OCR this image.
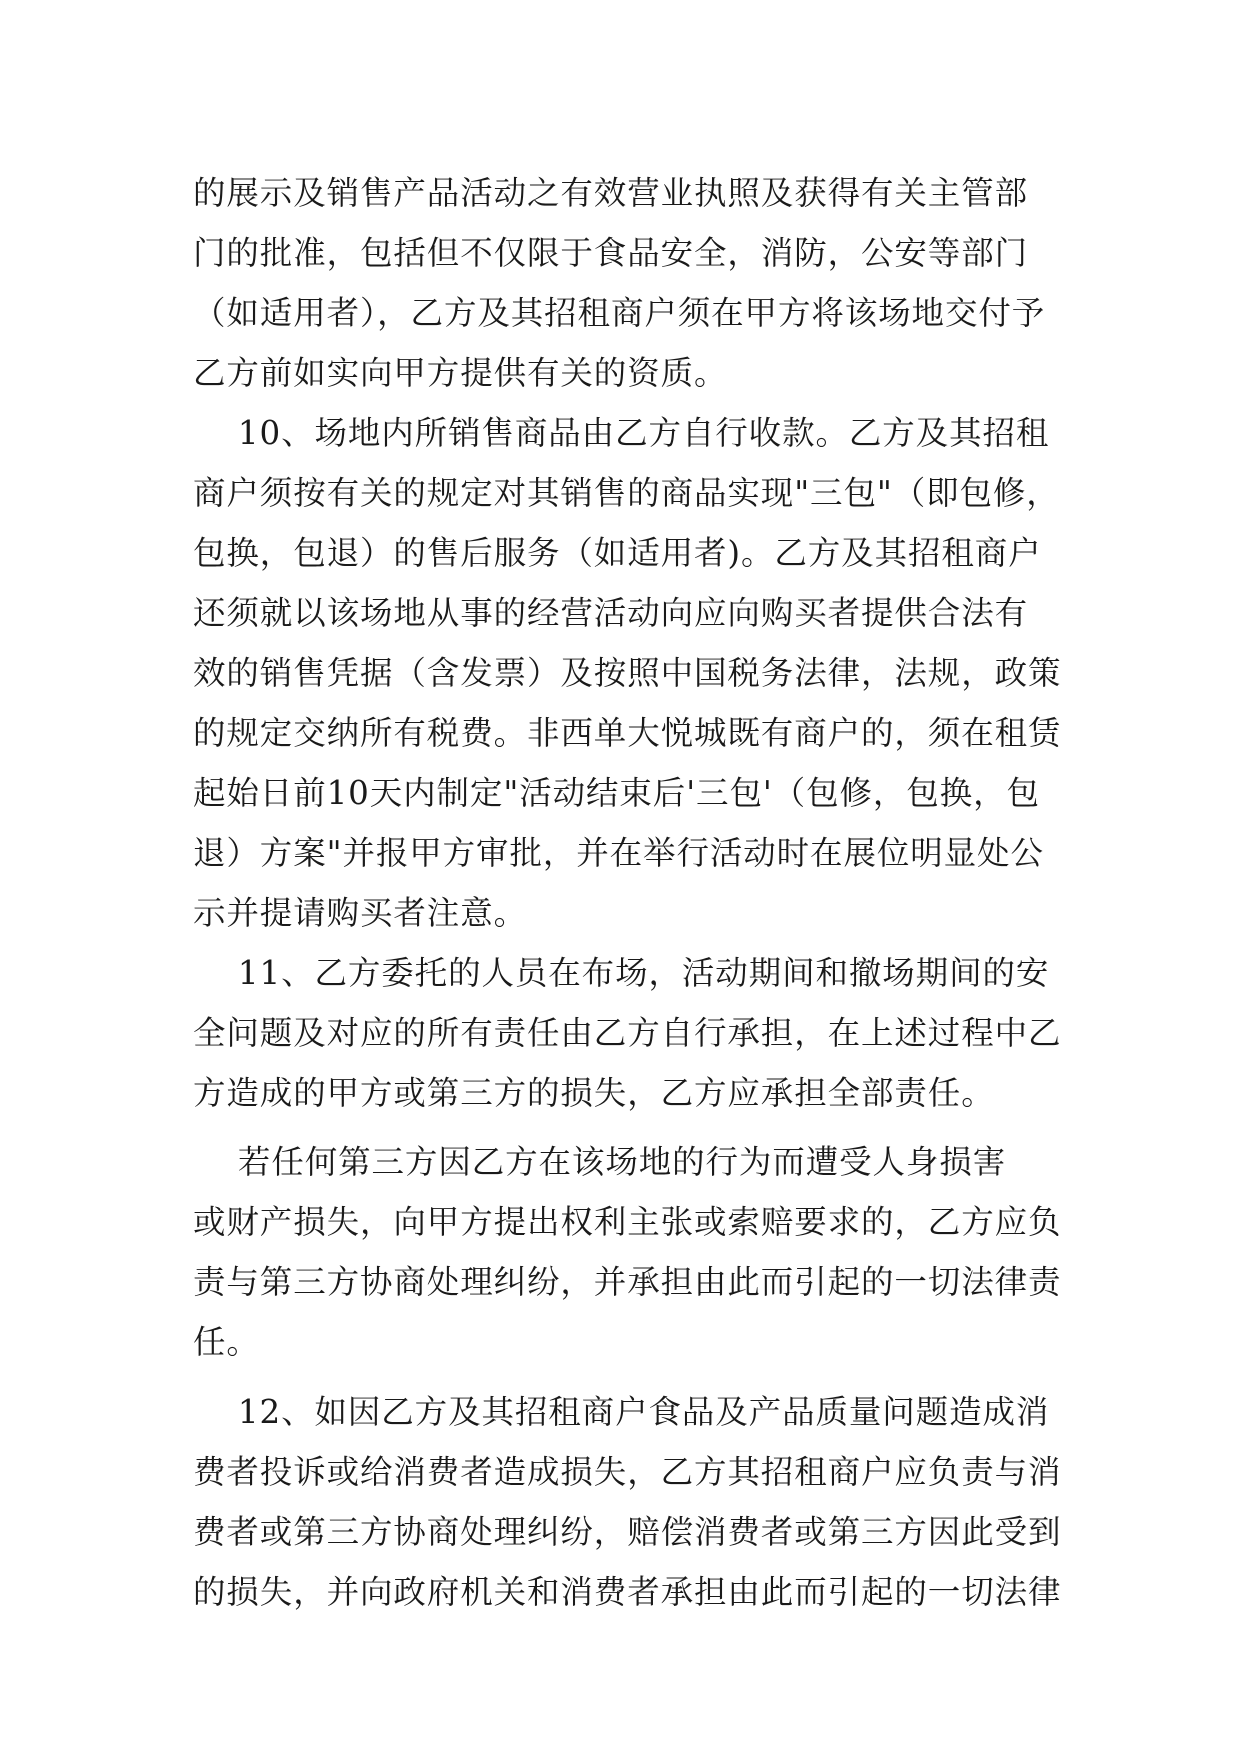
的展示及销售产品活动之有效营业执照及获得有关主管部
门的批准，包括但不仅限于食品安全，消防，公安等部门
（如适用者），乙方及其招租商户须在甲方将该场地交付予
乙方前如实向甲方提供有关的资质。
10、场地内所销售商品由乙方自行收款。乙方及其招租
商户须按有关的规定对其销售的商品实现"三包"（即包修，
包换，包退）的售后服务（如适用者)。乙方及其招租商户
还须就以该场地从事的经营活动向应向购买者提供合法有
效的销售凭据（含发票）及按照中国税务法律，法规，政策
的规定交纳所有税费。非西单大悦城既有商户的，须在租赁
起始日前10天内制定"活动结束后'三包'（包修，包换，包
退）方案"并报甲方审批，并在举行活动时在展位明显处公
示并提请购买者注意。
11、乙方委托的人员在布场，活动期间和撤场期间的安
全问题及对应的所有责任由乙方自行承担，在上述过程中乙
方造成的甲方或第三方的损失，乙方应承担全部责任。
若任何第三方因乙方在该场地的行为而遭受人身损害
或财产损失，向甲方提出权利主张或索赔要求的，乙方应负
责与第三方协商处理纠纷，并承担由此而引起的一切法律责
任。
12、如因乙方及其招租商户食品及产品质量问题造成消
费者投诉或给消费者造成损失，乙方其招租商户应负责与消
费者或第三方协商处理纠纷，赔偿消费者或第三方因此受到
的损失，并向政府机关和消费者承担由此而引起的一切法律
